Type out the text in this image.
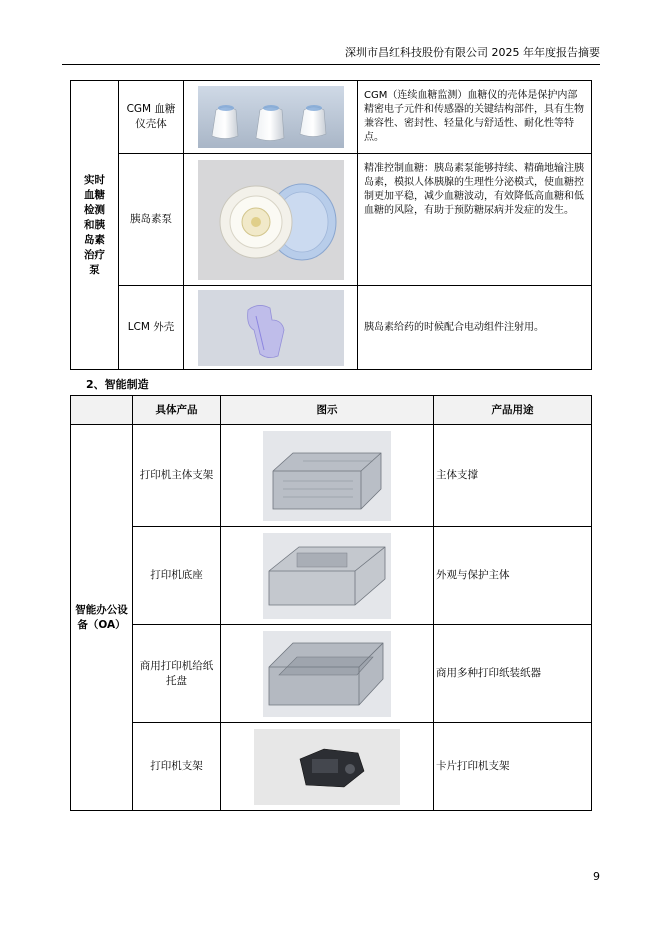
深圳市昌红科技股份有限公司 2025 年年度报告摘要
实时血糖检测和胰岛素治疗泵	CGM 血糖仪壳体		CGM（连续血糖监测）血糖仪的壳体是保护内部精密电子元件和传感器的关键结构部件，具有生物兼容性、密封性、轻量化与舒适性、耐化性等特点。
	胰岛素泵		精准控制血糖：胰岛素泵能够持续、精确地输注胰岛素，模拟人体胰腺的生理性分泌模式，使血糖控制更加平稳，减少血糖波动，有效降低高血糖和低血糖的风险，有助于预防糖尿病并发症的发生。
	LCM 外壳		胰岛素给药的时候配合电动组件注射用。
2、智能制造
	具体产品	图示	产品用途

智能办公设备（OA）	打印机主体支架		主体支撑
	打印机底座		外观与保护主体
	商用打印机给纸托盘		商用多种打印纸装纸器
	打印机支架		卡片打印机支架
9
